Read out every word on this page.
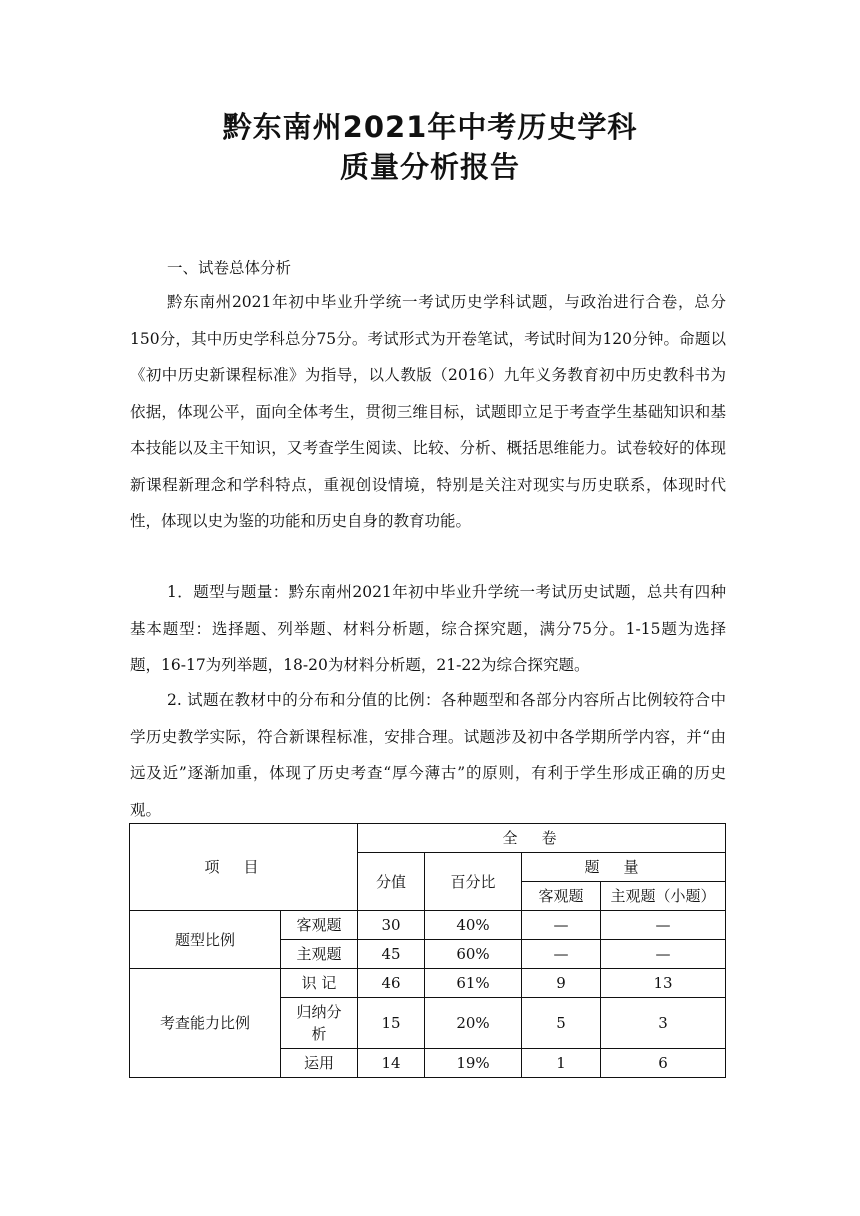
黔东南州2021年中考历史学科
质量分析报告
一、试卷总体分析

黔东南州2021年初中毕业升学统一考试历史学科试题，与政治进行合卷，总分150分，其中历史学科总分75分。考试形式为开卷笔试，考试时间为120分钟。命题以《初中历史新课程标准》为指导，以人教版（2016）九年义务教育初中历史教科书为依据，体现公平，面向全体考生，贯彻三维目标，试题即立足于考查学生基础知识和基本技能以及主干知识，又考查学生阅读、比较、分析、概括思维能力。试卷较好的体现新课程新理念和学科特点，重视创设情境，特别是关注对现实与历史联系，体现时代性，体现以史为鉴的功能和历史自身的教育功能。

1．题型与题量：黔东南州2021年初中毕业升学统一考试历史试题，总共有四种基本题型：选择题、列举题、材料分析题，综合探究题，满分75分。1-15题为选择题，16-17为列举题，18-20为材料分析题，21-22为综合探究题。

2. 试题在教材中的分布和分值的比例：各种题型和各部分内容所占比例较符合中学历史教学实际，符合新课程标准，安排合理。试题涉及初中各学期所学内容，并“由远及近”逐渐加重，体现了历史考查“厚今薄古”的原则，有利于学生形成正确的历史观。

项目		全卷			
		分值	百分比	题量	
				客观题	主观题（小题）
题型比例	客观题	30	40%	—	—
	主观题	45	60%	—	—
考查能力比例	识 记	46	61%	9	13
	归纳分析	15	20%	5	3
	运用	14	19%	1	6
